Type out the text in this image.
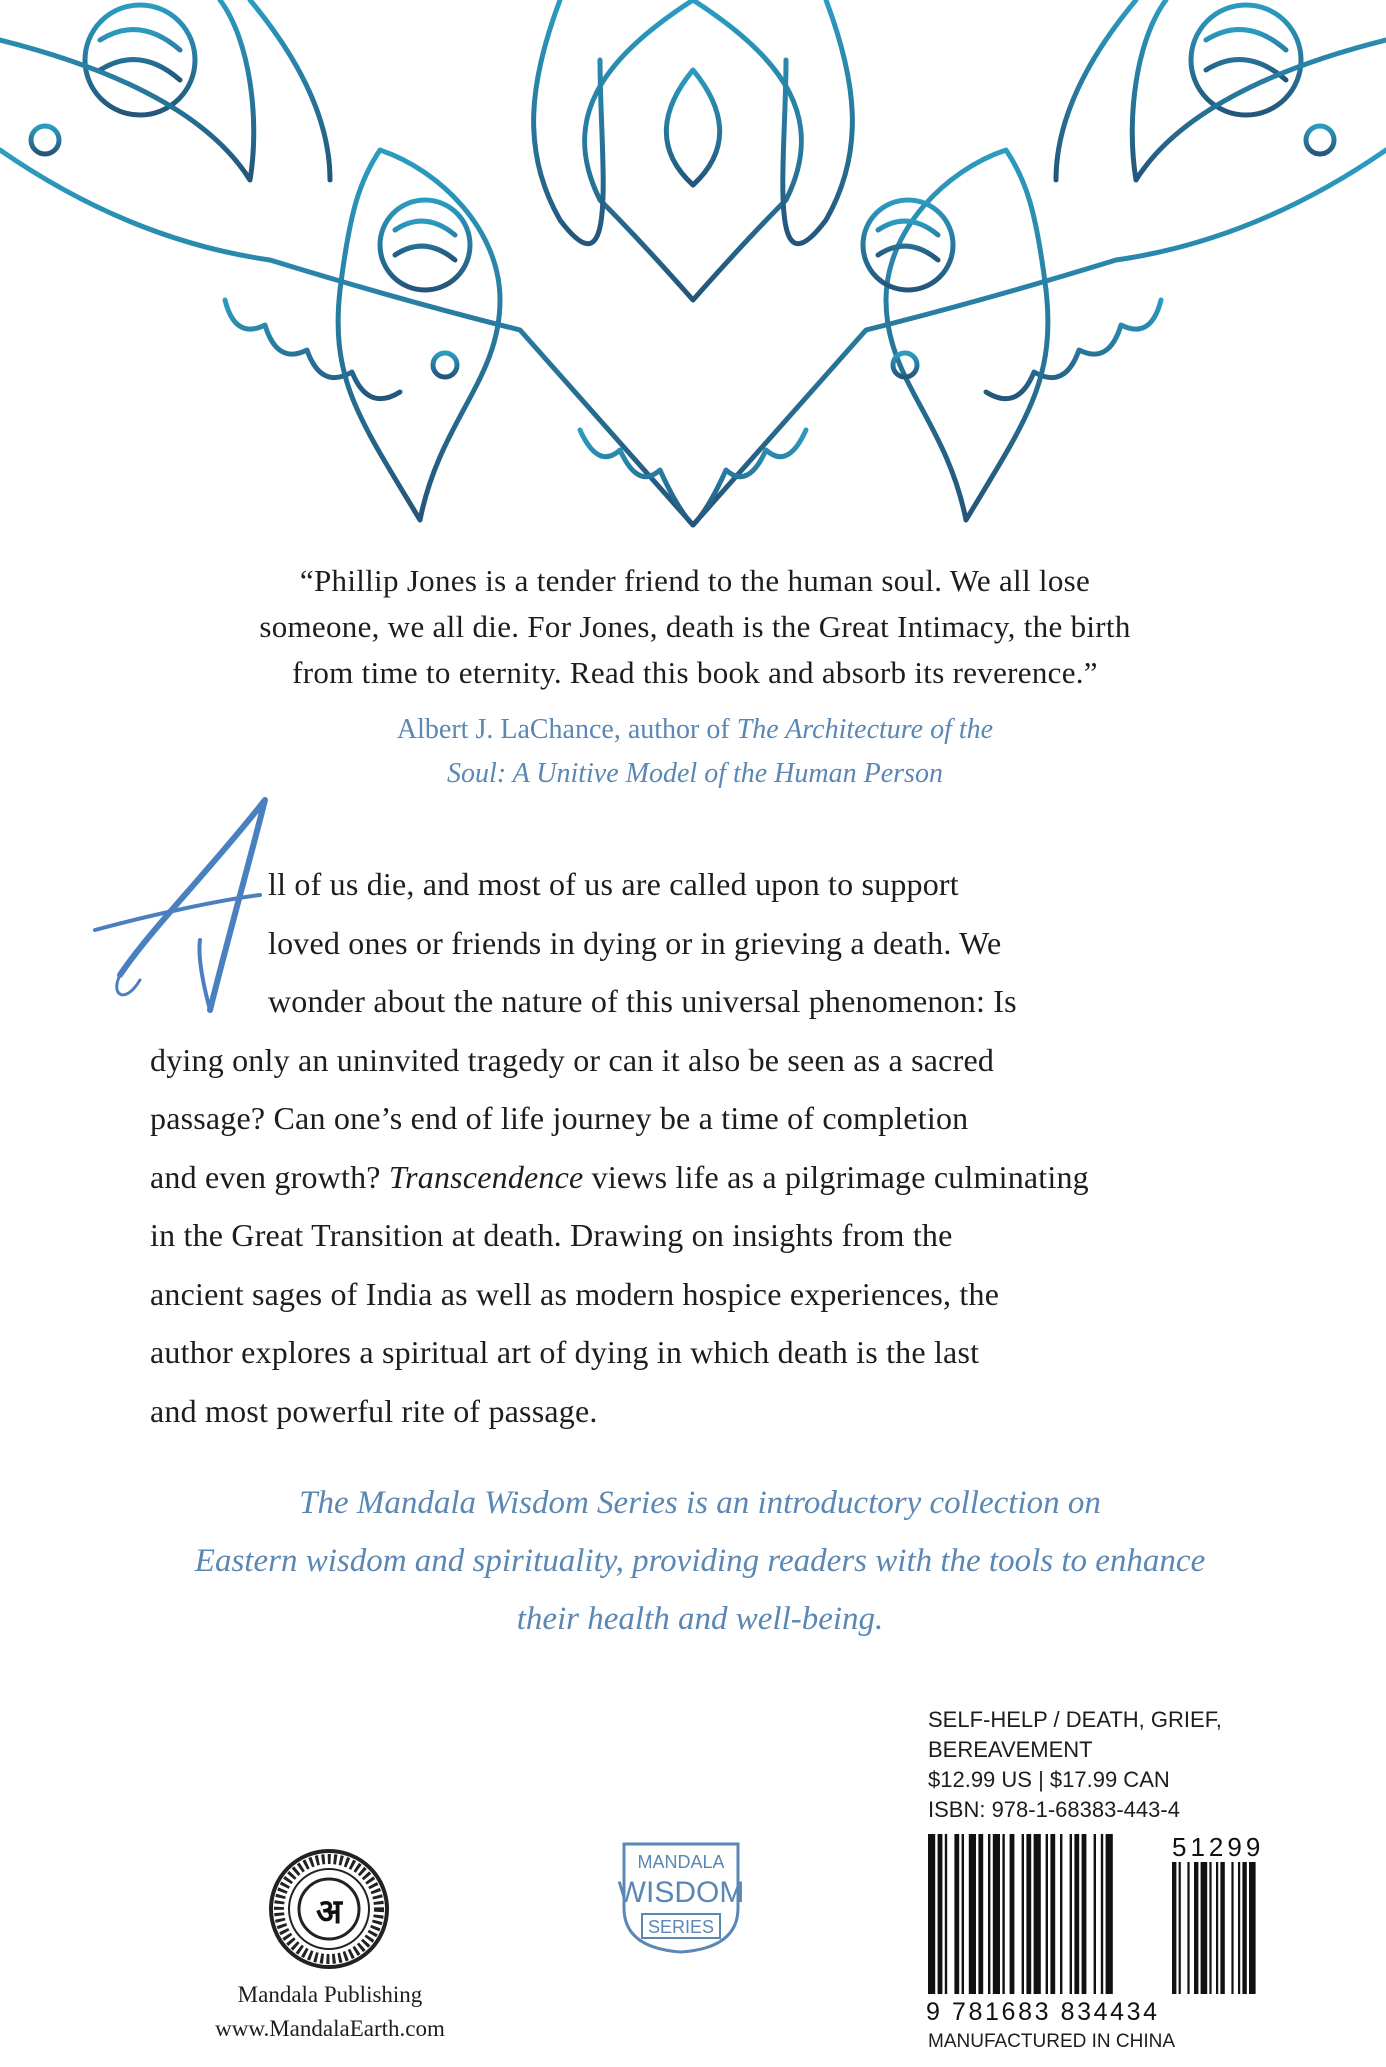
“Phillip Jones is a tender friend to the human soul. We all lose
someone, we all die. For Jones, death is the Great Intimacy, the birth
from time to eternity. Read this book and absorb its reverence.”
Albert J. LaChance, author of The Architecture of the
Soul: A Unitive Model of the Human Person
A
ll of us die, and most of us are called upon to support
loved ones or friends in dying or in grieving a death. We
wonder about the nature of this universal phenomenon: Is
dying only an uninvited tragedy or can it also be seen as a sacred
passage? Can one’s end of life journey be a time of completion
and even growth? Transcendence views life as a pilgrimage culminating
in the Great Transition at death. Drawing on insights from the
ancient sages of India as well as modern hospice experiences, the
author explores a spiritual art of dying in which death is the last
and most powerful rite of passage.
The Mandala Wisdom Series is an introductory collection on
Eastern wisdom and spirituality, providing readers with the tools to enhance
their health and well-being.
अ
Mandala Publishing
www.MandalaEarth.com
MANDALA
WISDOM
SERIES
SELF-HELP / DEATH, GRIEF,
BEREAVEMENT
$12.99 US | $17.99 CAN
ISBN: 978-1-68383-443-4
51299
9 781683 834434
MANUFACTURED IN CHINA
